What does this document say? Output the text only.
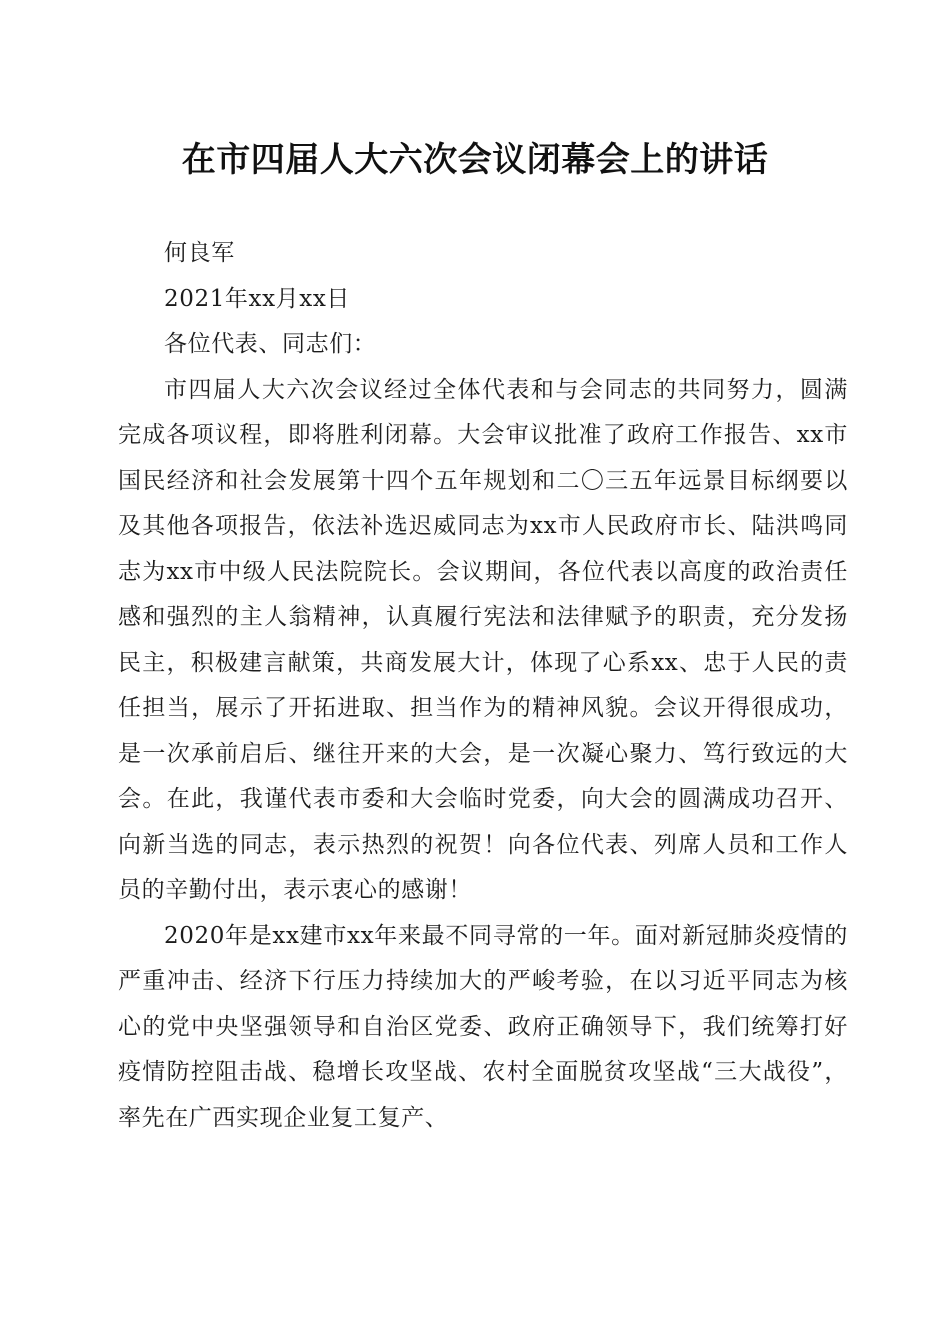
在市四届人大六次会议闭幕会上的讲话

何良军

2021年xx月xx日

各位代表、同志们：

市四届人大六次会议经过全体代表和与会同志的共同努力，圆满完成各项议程，即将胜利闭幕。大会审议批准了政府工作报告、xx市国民经济和社会发展第十四个五年规划和二〇三五年远景目标纲要以及其他各项报告，依法补选迟威同志为xx市人民政府市长、陆洪鸣同志为xx市中级人民法院院长。会议期间，各位代表以高度的政治责任感和强烈的主人翁精神，认真履行宪法和法律赋予的职责，充分发扬民主，积极建言献策，共商发展大计，体现了心系xx、忠于人民的责任担当，展示了开拓进取、担当作为的精神风貌。会议开得很成功，是一次承前启后、继往开来的大会，是一次凝心聚力、笃行致远的大会。在此，我谨代表市委和大会临时党委，向大会的圆满成功召开、向新当选的同志，表示热烈的祝贺！向各位代表、列席人员和工作人员的辛勤付出，表示衷心的感谢！

2020年是xx建市xx年来最不同寻常的一年。面对新冠肺炎疫情的严重冲击、经济下行压力持续加大的严峻考验，在以习近平同志为核心的党中央坚强领导和自治区党委、政府正确领导下，我们统筹打好疫情防控阻击战、稳增长攻坚战、农村全面脱贫攻坚战“三大战役”，率先在广西实现企业复工复产、
